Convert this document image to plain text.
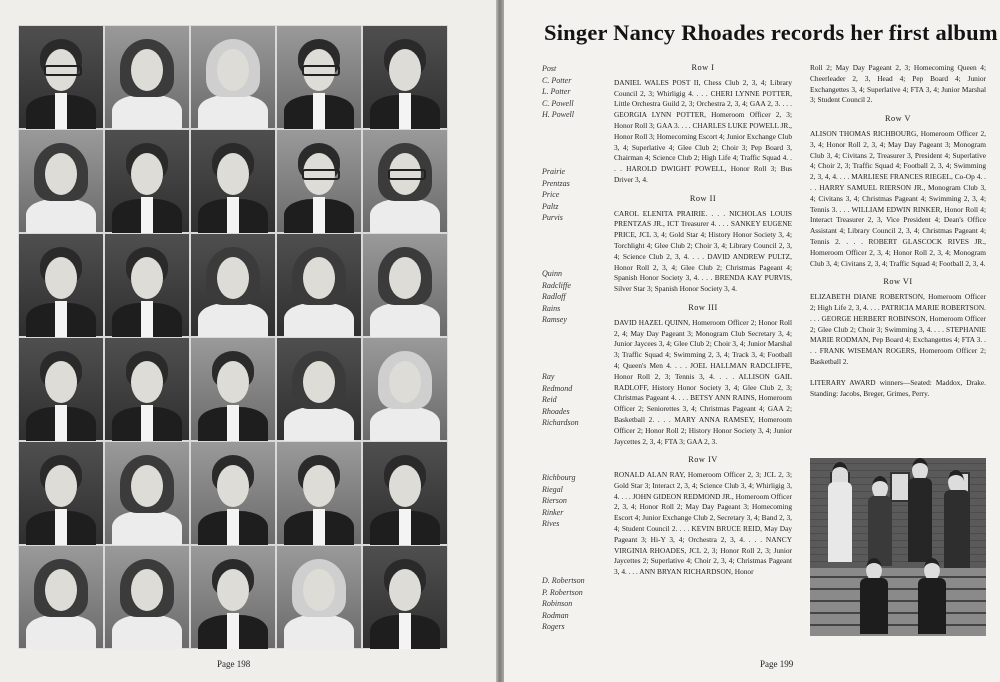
Page 198
Singer Nancy Rhoades records her first album
Post
C. Potter
L. Potter
C. Powell
H. Powell
Prairie
Prentzas
Price
Paltz
Purvis
Quinn
Radcliffe
Radloff
Rains
Ramsey
Ray
Redmond
Reid
Rhoades
Richardson
Richbourg
Riegal
Rierson
Rinker
Rives
D. Robertson
P. Robertson
Robinson
Rodman
Rogers
Row I
DANIEL WALES POST II, Chess Club 2, 3, 4; Library Council 2, 3; Whirligig 4. . . . CHERI LYNNE POTTER, Little Orchestra Guild 2, 3; Orchestra 2, 3, 4; GAA 2, 3. . . . GEORGIA LYNN POTTER, Homeroom Officer 2, 3; Honor Roll 3; GAA 3. . . . CHARLES LUKE POWELL JR., Honor Roll 3; Homecoming Escort 4; Junior Exchange Club 3, 4; Superlative 4; Glee Club 2; Choir 3; Pep Board 3, Chairman 4; Science Club 2; High Life 4; Traffic Squad 4. . . . HAROLD DWIGHT POWELL, Honor Roll 3; Bus Driver 3, 4.
Row II
CAROL ELENITA PRAIRIE. . . . NICHOLAS LOUIS PRENTZAS JR., ICT Treasurer 4. . . . SANKEY EUGENE PRICE, JCL 3, 4; Gold Star 4; History Honor Society 3, 4; Torchlight 4; Glee Club 2; Choir 3, 4; Library Council 2, 3, 4; Science Club 2, 3, 4. . . . DAVID ANDREW PULTZ, Honor Roll 2, 3, 4; Glee Club 2; Christmas Pageant 4; Spanish Honor Society 3, 4. . . . BRENDA KAY PURVIS, Silver Star 3; Spanish Honor Society 3, 4.
Row III
DAVID HAZEL QUINN, Homeroom Officer 2; Honor Roll 2, 4; May Day Pageant 3; Monogram Club Secretary 3, 4; Junior Jaycees 3, 4; Glee Club 2; Choir 3, 4; Junior Marshal 3; Traffic Squad 4; Swimming 2, 3, 4; Track 3, 4; Football 4; Queen's Men 4. . . . JOEL HALLMAN RADCLIFFE, Honor Roll 2, 3; Tennis 3, 4. . . . ALLISON GAIL RADLOFF, History Honor Society 3, 4; Glee Club 2, 3; Christmas Pageant 4. . . . BETSY ANN RAINS, Homeroom Officer 2; Seniorettes 3, 4; Christmas Pageant 4; GAA 2; Basketball 2. . . . MARY ANNA RAMSEY, Homeroom Officer 2; Honor Roll 2; History Honor Society 3, 4; Junior Jaycettes 2, 3, 4; FTA 3; GAA 2, 3.
Row IV
RONALD ALAN RAY, Homeroom Officer 2, 3; JCL 2, 3; Gold Star 3; Interact 2, 3, 4; Science Club 3, 4; Whirligig 3, 4. . . . JOHN GIDEON REDMOND JR., Homeroom Officer 2, 3, 4; Honor Roll 2; May Day Pageant 3; Homecoming Escort 4; Junior Exchange Club 2, Secretary 3, 4; Band 2, 3, 4; Student Council 2. . . . KEVIN BRUCE REID, May Day Pageant 3; Hi-Y 3, 4; Orchestra 2, 3, 4. . . . NANCY VIRGINIA RHOADES, JCL 2, 3; Honor Roll 2, 3; Junior Jaycettes 2; Superlative 4; Choir 2, 3, 4; Christmas Pageant 3, 4. . . . ANN BRYAN RICHARDSON, Honor
Roll 2; May Day Pageant 2, 3; Homecoming Queen 4; Cheerleader 2, 3, Head 4; Pep Board 4; Junior Exchangettes 3, 4; Superlative 4; FTA 3, 4; Junior Marshal 3; Student Council 2.
Row V
ALISON THOMAS RICHBOURG, Homeroom Officer 2, 3, 4; Honor Roll 2, 3, 4; May Day Pageant 3; Monogram Club 3, 4; Civitans 2, Treasurer 3, President 4; Superlative 4; Choir 2, 3; Traffic Squad 4; Football 2, 3, 4; Swimming 2, 3, 4, 4. . . . MARLIESE FRANCES RIEGEL, Co-Op 4. . . . HARRY SAMUEL RIERSON JR., Monogram Club 3, 4; Civitans 3, 4; Christmas Pageant 4; Swimming 2, 3, 4; Tennis 3. . . . WILLIAM EDWIN RINKER, Honor Roll 4; Interact Treasurer 2, 3, Vice President 4; Dean's Office Assistant 4; Library Council 2, 3, 4; Christmas Pageant 4; Tennis 2. . . . ROBERT GLASCOCK RIVES JR., Homeroom Officer 2, 3, 4; Honor Roll 2, 3, 4; Monogram Club 3, 4; Civitans 2, 3, 4; Traffic Squad 4; Football 2, 3, 4.
Row VI
ELIZABETH DIANE ROBERTSON, Homeroom Officer 2; High Life 2, 3, 4. . . . PATRICIA MARIE ROBERTSON. . . . GEORGE HERBERT ROBINSON, Homeroom Officer 2; Glee Club 2; Choir 3; Swimming 3, 4. . . . STEPHANIE MARIE RODMAN, Pep Board 4; Exchangettes 4; FTA 3. . . . FRANK WISEMAN ROGERS, Homeroom Officer 2; Basketball 2.
LITERARY AWARD winners—Seated: Maddox, Drake. Standing: Jacobs, Breger, Grimes, Perry.
Page 199
